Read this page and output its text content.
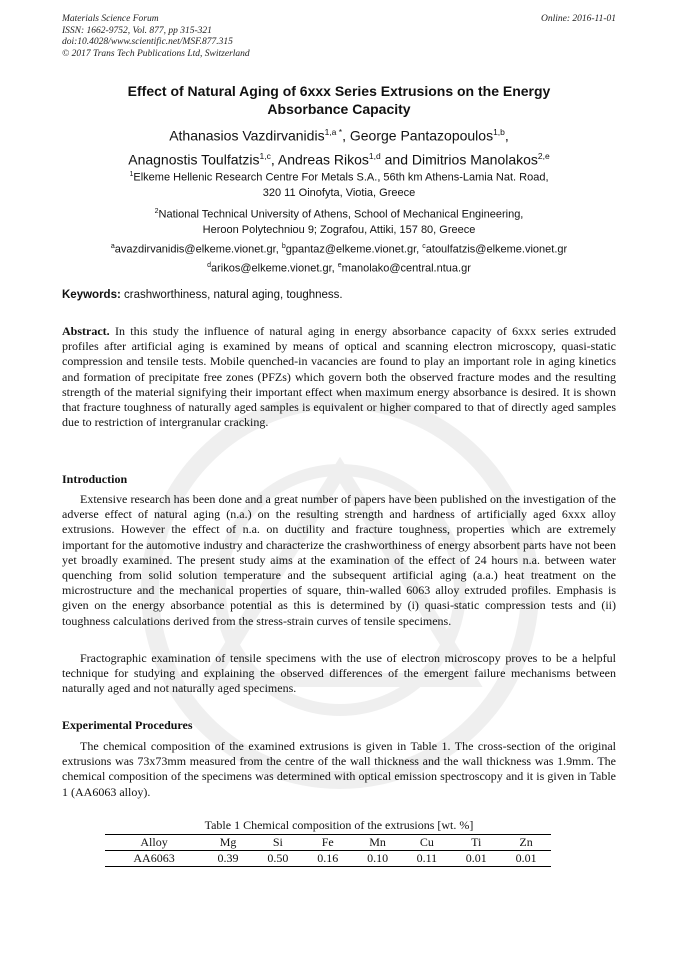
Materials Science Forum
ISSN: 1662-9752, Vol. 877, pp 315-321
doi:10.4028/www.scientific.net/MSF.877.315
© 2017 Trans Tech Publications Ltd, Switzerland
Online: 2016-11-01
Effect of Natural Aging of 6xxx Series Extrusions on the Energy
Absorbance Capacity
Athanasios Vazdirvanidis$^{1,a *}$, George Pantazopoulos$^{1,b}$,
Anagnostis Toulfatzis$^{1,c}$, Andreas Rikos$^{1,d}$ and Dimitrios Manolakos$^{2,e}$
$^1$Elkeme Hellenic Research Centre For Metals S.A., 56th km Athens-Lamia Nat. Road,
320 11 Oinofyta, Viotia, Greece
$^2$National Technical University of Athens, School of Mechanical Engineering,
Heroon Polytechniou 9; Zografou, Attiki, 157 80, Greece
$^a$avazdirvanidis@elkeme.vionet.gr, $^b$gpantaz@elkeme.vionet.gr, $^c$atoulfatzis@elkeme.vionet.gr
$^d$arikos@elkeme.vionet.gr, $^e$manolako@central.ntua.gr
Keywords: crashworthiness, natural aging, toughness.
Abstract. In this study the influence of natural aging in energy absorbance capacity of 6xxx series extruded profiles after artificial aging is examined by means of optical and scanning electron microscopy, quasi-static compression and tensile tests. Mobile quenched-in vacancies are found to play an important role in aging kinetics and formation of precipitate free zones (PFZs) which govern both the observed fracture modes and the resulting strength of the material signifying their important effect when maximum energy absorbance is desired. It is shown that fracture toughness of naturally aged samples is equivalent or higher compared to that of directly aged samples due to restriction of intergranular cracking.
Introduction
Extensive research has been done and a great number of papers have been published on the investigation of the adverse effect of natural aging (n.a.) on the resulting strength and hardness of artificially aged 6xxx alloy extrusions. However the effect of n.a. on ductility and fracture toughness, properties which are extremely important for the automotive industry and characterize the crashworthiness of energy absorbent parts have not been yet broadly examined. The present study aims at the examination of the effect of 24 hours n.a. between water quenching from solid solution temperature and the subsequent artificial aging (a.a.) heat treatment on the microstructure and the mechanical properties of square, thin-walled 6063 alloy extruded profiles. Emphasis is given on the energy absorbance potential as this is determined by (i) quasi-static compression tests and (ii) toughness calculations derived from the stress-strain curves of tensile specimens.
Fractographic examination of tensile specimens with the use of electron microscopy proves to be a helpful technique for studying and explaining the observed differences of the emergent failure mechanisms between naturally aged and not naturally aged specimens.
Experimental Procedures
The chemical composition of the examined extrusions is given in Table 1. The cross-section of the original extrusions was 73x73mm measured from the centre of the wall thickness and the wall thickness was 1.9mm. The chemical composition of the specimens was determined with optical emission spectroscopy and it is given in Table 1 (AA6063 alloy).
Table 1 Chemical composition of the extrusions [wt. %]
Alloy	Mg	Si	Fe	Mn	Cu	Ti	Zn
AA6063	0.39	0.50	0.16	0.10	0.11	0.01	0.01
